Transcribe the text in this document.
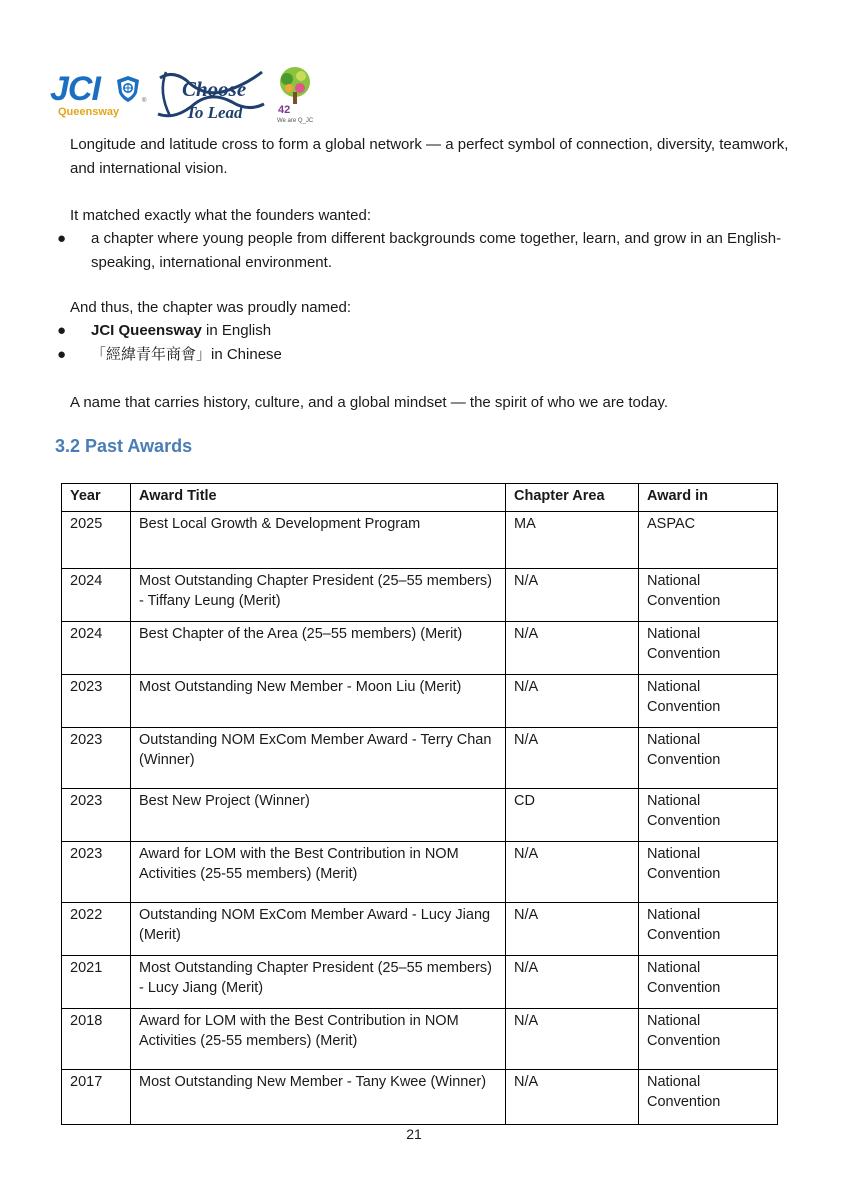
JCI	®
Queensway
Choose
To Lead	42
We are Q_JC
Longitude and latitude cross to form a global network — a perfect symbol of connection, diversity, teamwork, and international vision.
It matched exactly what the founders wanted:
● a chapter where young people from different backgrounds come together, learn, and grow in an English-speaking, international environment.
And thus, the chapter was proudly named:
● JCI Queensway in English
● 「經緯青年商會」in Chinese
A name that carries history, culture, and a global mindset — the spirit of who we are today.
3.2 Past Awards
Year	Award Title	Chapter Area	Award in
2025	Best Local Growth & Development Program	MA	ASPAC
2024	Most Outstanding Chapter President (25–55 members) - Tiffany Leung (Merit)	N/A	National Convention
2024	Best Chapter of the Area (25–55 members) (Merit)	N/A	National Convention
2023	Most Outstanding New Member - Moon Liu (Merit)	N/A	National Convention
2023	Outstanding NOM ExCom Member Award - Terry Chan (Winner)	N/A	National Convention
2023	Best New Project (Winner)	CD	National Convention
2023	Award for LOM with the Best Contribution in NOM Activities (25-55 members) (Merit)	N/A	National Convention
2022	Outstanding NOM ExCom Member Award - Lucy Jiang (Merit)	N/A	National Convention
2021	Most Outstanding Chapter President (25–55 members) - Lucy Jiang (Merit)	N/A	National Convention
2018	Award for LOM with the Best Contribution in NOM Activities (25-55 members) (Merit)	N/A	National Convention
2017	Most Outstanding New Member - Tany Kwee (Winner)	N/A	National Convention
21
